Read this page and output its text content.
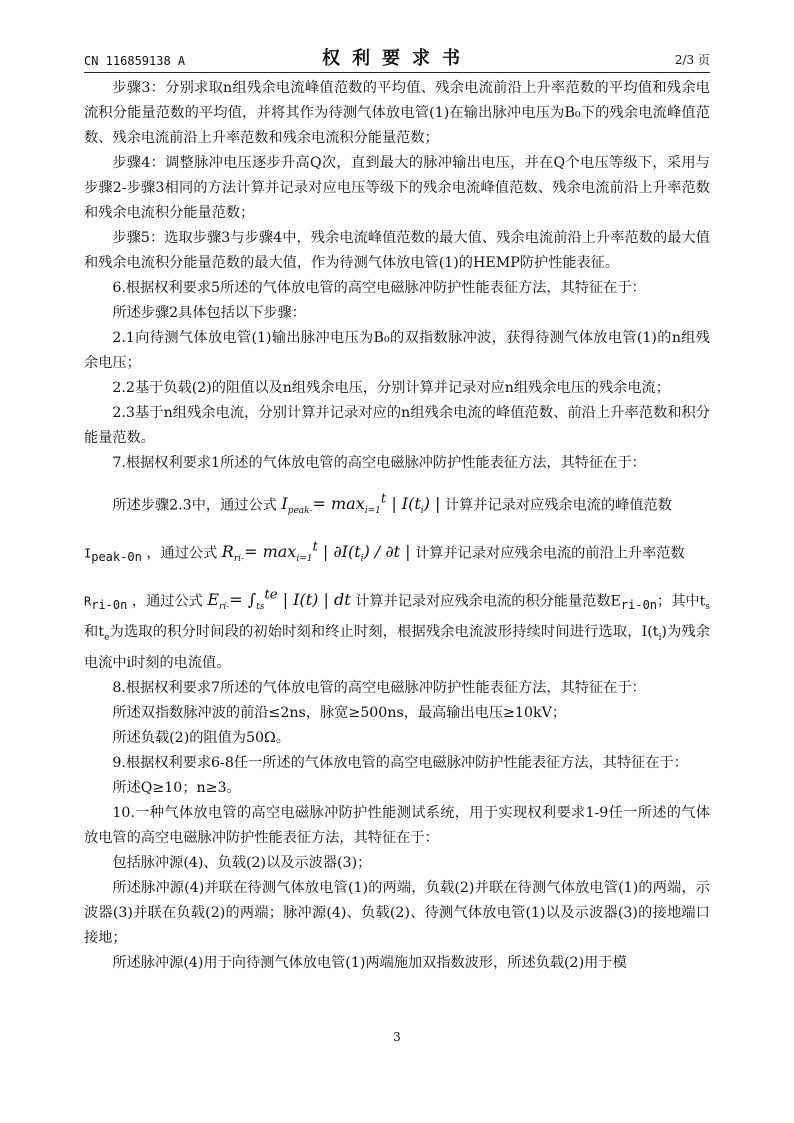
CN 116859138 A	权利要求书	2/3 页

步骤3：分别求取n组残余电流峰值范数的平均值、残余电流前沿上升率范数的平均值和残余电流积分能量范数的平均值，并将其作为待测气体放电管(1)在输出脉冲电压为B₀下的残余电流峰值范数、残余电流前沿上升率范数和残余电流积分能量范数；

步骤4：调整脉冲电压逐步升高Q次，直到最大的脉冲输出电压，并在Q个电压等级下，采用与步骤2-步骤3相同的方法计算并记录对应电压等级下的残余电流峰值范数、残余电流前沿上升率范数和残余电流积分能量范数；

步骤5：选取步骤3与步骤4中，残余电流峰值范数的最大值、残余电流前沿上升率范数的最大值和残余电流积分能量范数的最大值，作为待测气体放电管(1)的HEMP防护性能表征。

6.根据权利要求5所述的气体放电管的高空电磁脉冲防护性能表征方法，其特征在于：

所述步骤2具体包括以下步骤：

2.1向待测气体放电管(1)输出脉冲电压为B₀的双指数脉冲波，获得待测气体放电管(1)的n组残余电压；

2.2基于负载(2)的阻值以及n组残余电压，分别计算并记录对应n组残余电压的残余电流；

2.3基于n组残余电流，分别计算并记录对应的n组残余电流的峰值范数、前沿上升率范数和积分能量范数。

7.根据权利要求1所述的气体放电管的高空电磁脉冲防护性能表征方法，其特征在于：

所述步骤2.3中，通过公式 $I_{peak-}= \max_{i=1}^t$ | $I(t_i)$ | 计算并记录对应残余电流的峰值范数

$I_{peak-0n}$ ，通过公式 $R_{ri-}= \max_{i=1}^t$ | $\partial I(t_i) / \partial t$ | 计算并记录对应残余电流的前沿上升率范数

$R_{ri-0n}$ ，通过公式 $E_{ri-}= \int_{ts}^{te}$ | I(t) | dt 计算并记录对应残余电流的积分能量范数$E_{ri-0n}$；其中$t_s$

和$t_e$为选取的积分时间段的初始时刻和终止时刻，根据残余电流波形持续时间进行选取，$I(t_i)$为残余电流中i时刻的电流值。

8.根据权利要求7所述的气体放电管的高空电磁脉冲防护性能表征方法，其特征在于：

所述双指数脉冲波的前沿≤2ns，脉宽≥500ns，最高输出电压≥10kV；

所述负载(2)的阻值为50Ω。

9.根据权利要求6-8任一所述的气体放电管的高空电磁脉冲防护性能表征方法，其特征在于：

所述Q≥10；n≥3。

10.一种气体放电管的高空电磁脉冲防护性能测试系统，用于实现权利要求1-9任一所述的气体放电管的高空电磁脉冲防护性能表征方法，其特征在于：

包括脉冲源(4)、负载(2)以及示波器(3)；

所述脉冲源(4)并联在待测气体放电管(1)的两端，负载(2)并联在待测气体放电管(1)的两端，示波器(3)并联在负载(2)的两端；脉冲源(4)、负载(2)、待测气体放电管(1)以及示波器(3)的接地端口接地；

所述脉冲源(4)用于向待测气体放电管(1)两端施加双指数波形，所述负载(2)用于模

3
